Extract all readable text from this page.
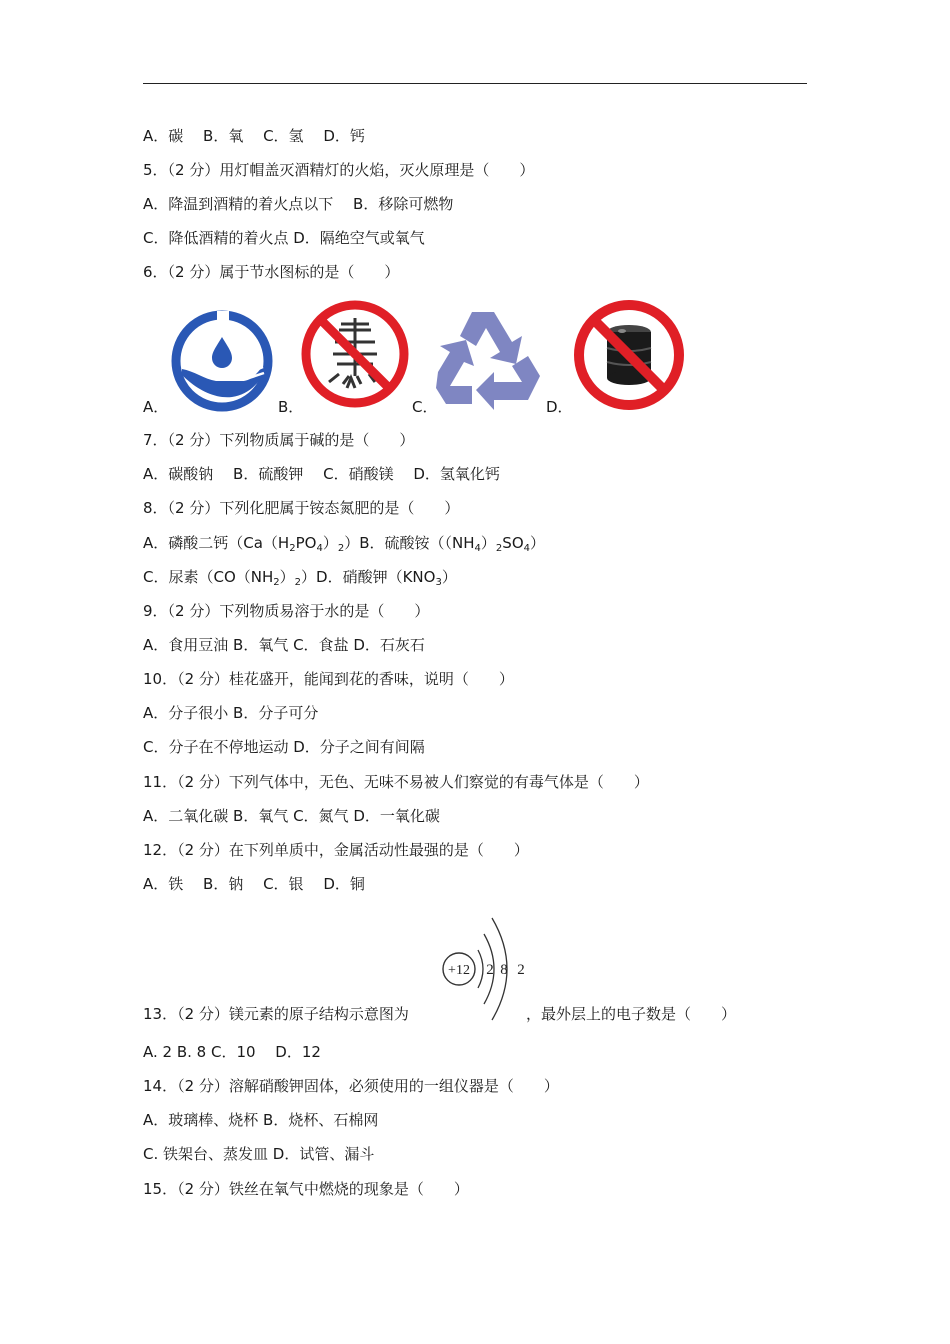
A．碳　 B．氧　 C．氢　 D．钙
5．（2 分）用灯帽盖灭酒精灯的火焰，灭火原理是（　　）
A．降温到酒精的着火点以下　 B．移除可燃物
C．降低酒精的着火点 D．隔绝空气或氧气
6．（2 分）属于节水图标的是（　　）
A．	B．	C．	D．
7．（2 分）下列物质属于碱的是（　　）
A．碳酸钠　 B．硫酸钾　 C．硝酸镁　 D．氢氧化钙
8．（2 分）下列化肥属于铵态氮肥的是（　　）
A．磷酸二钙$(Ca(H_2PO_4)_2)B$．硫酸铵$((NH_4)_2SO_4)$
C．尿素$(CO(NH_2)_2)D$．硝酸钾$(KNO_3)$
9．（2 分）下列物质易溶于水的是（　　）
A．食用豆油 B．氧气 C．食盐 D．石灰石
10．（2 分）桂花盛开，能闻到花的香味，说明（　　）
A．分子很小 B．分子可分
C．分子在不停地运动 D．分子之间有间隔
11．（2 分）下列气体中，无色、无味不易被人们察觉的有毒气体是（　　）
A．二氧化碳 B．氧气 C．氮气 D．一氧化碳
12．（2 分）在下列单质中，金属活动性最强的是（　　）
A．铁　 B．钠　 C．银　 D．铜
+12 2 8 2
13．（2 分）镁元素的原子结构示意图为	，最外层上的电子数是（　　）
A. 2 B. 8 C．10　 D．12
14．（2 分）溶解硝酸钾固体，必须使用的一组仪器是（　　）
A．玻璃棒、烧杯 B．烧杯、石棉网
C. 铁架台、蒸发皿 D．试管、漏斗
15．（2 分）铁丝在氧气中燃烧的现象是（　　）
